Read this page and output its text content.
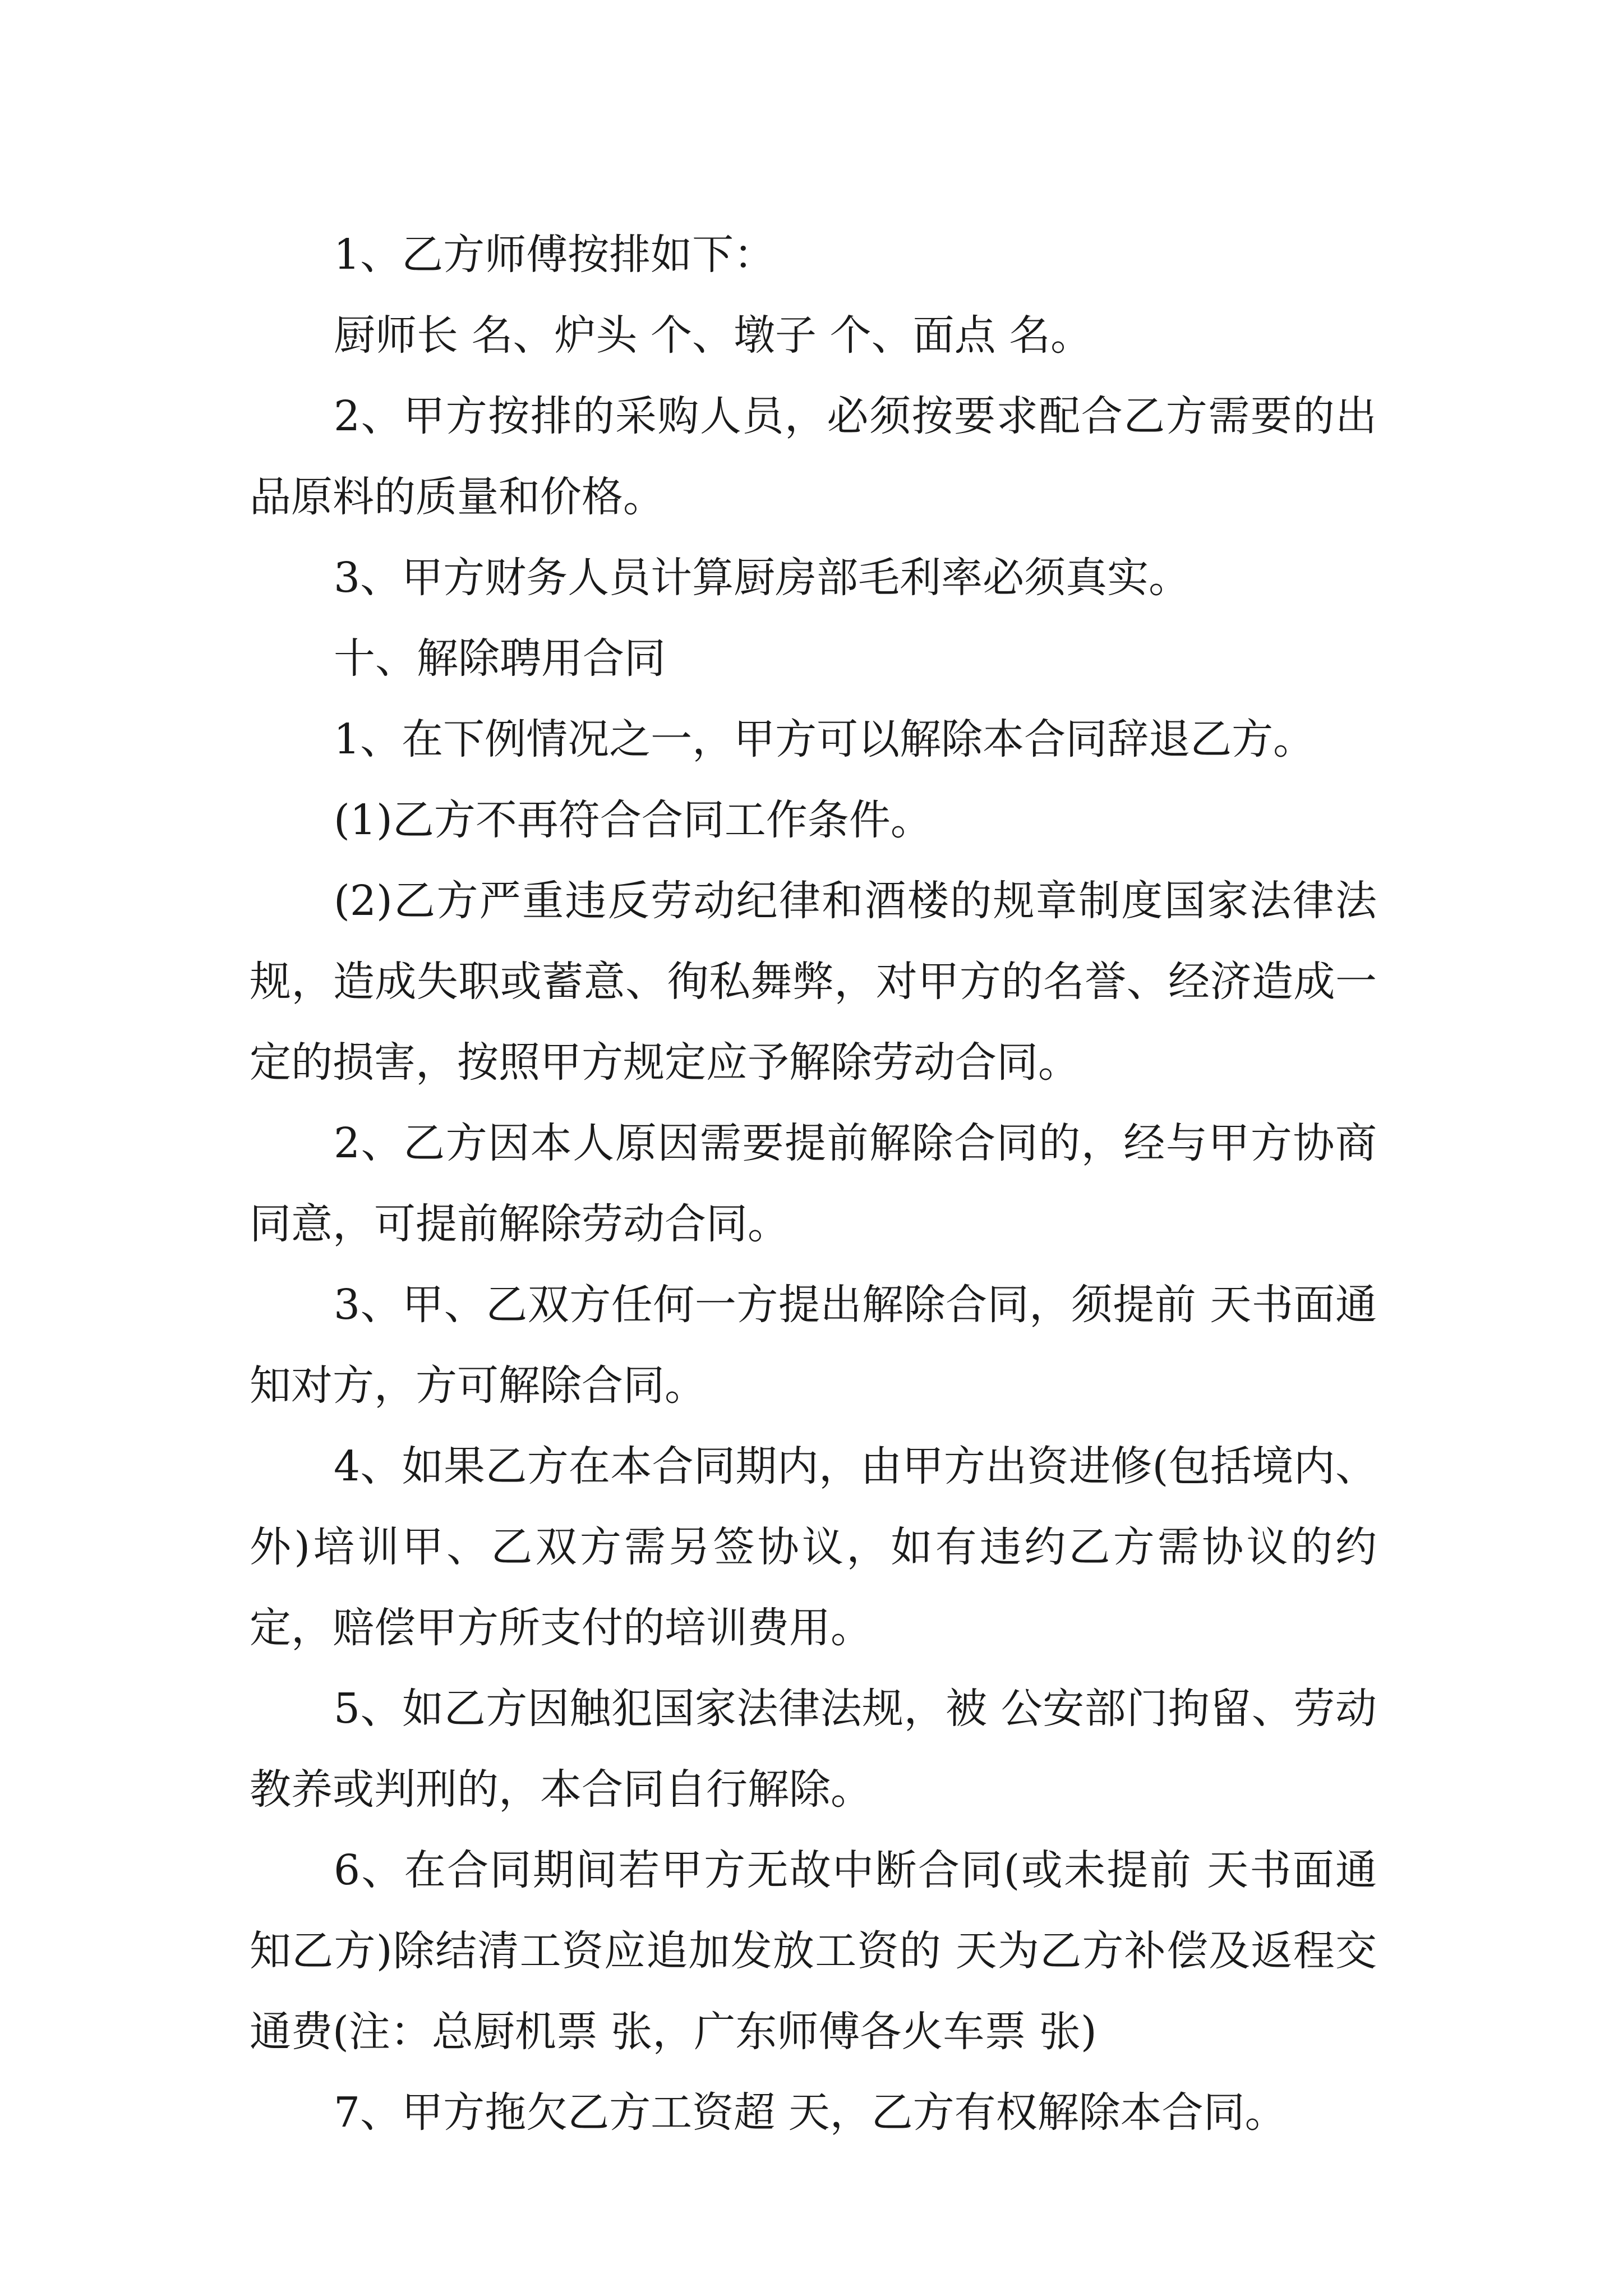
1、乙方师傅按排如下：

厨师长 名、炉头 个、墩子 个、面点 名。

2、甲方按排的采购人员，必须按要求配合乙方需要的出品原料的质量和价格。

3、甲方财务人员计算厨房部毛利率必须真实。

十、解除聘用合同

1、在下例情况之一，甲方可以解除本合同辞退乙方。

(1)乙方不再符合合同工作条件。

(2)乙方严重违反劳动纪律和酒楼的规章制度国家法律法规，造成失职或蓄意、徇私舞弊，对甲方的名誉、经济造成一定的损害，按照甲方规定应予解除劳动合同。

2、乙方因本人原因需要提前解除合同的，经与甲方协商同意，可提前解除劳动合同。

3、甲、乙双方任何一方提出解除合同，须提前 天书面通知对方，方可解除合同。

4、如果乙方在本合同期内，由甲方出资进修(包括境内、外)培训甲、乙双方需另签协议，如有违约乙方需协议的约定，赔偿甲方所支付的培训费用。

5、如乙方因触犯国家法律法规，被 公安部门拘留、劳动教养或判刑的，本合同自行解除。

6、在合同期间若甲方无故中断合同(或未提前 天书面通知乙方)除结清工资应追加发放工资的 天为乙方补偿及返程交通费(注：总厨机票 张，广东师傅各火车票 张)

7、甲方拖欠乙方工资超 天，乙方有权解除本合同。
